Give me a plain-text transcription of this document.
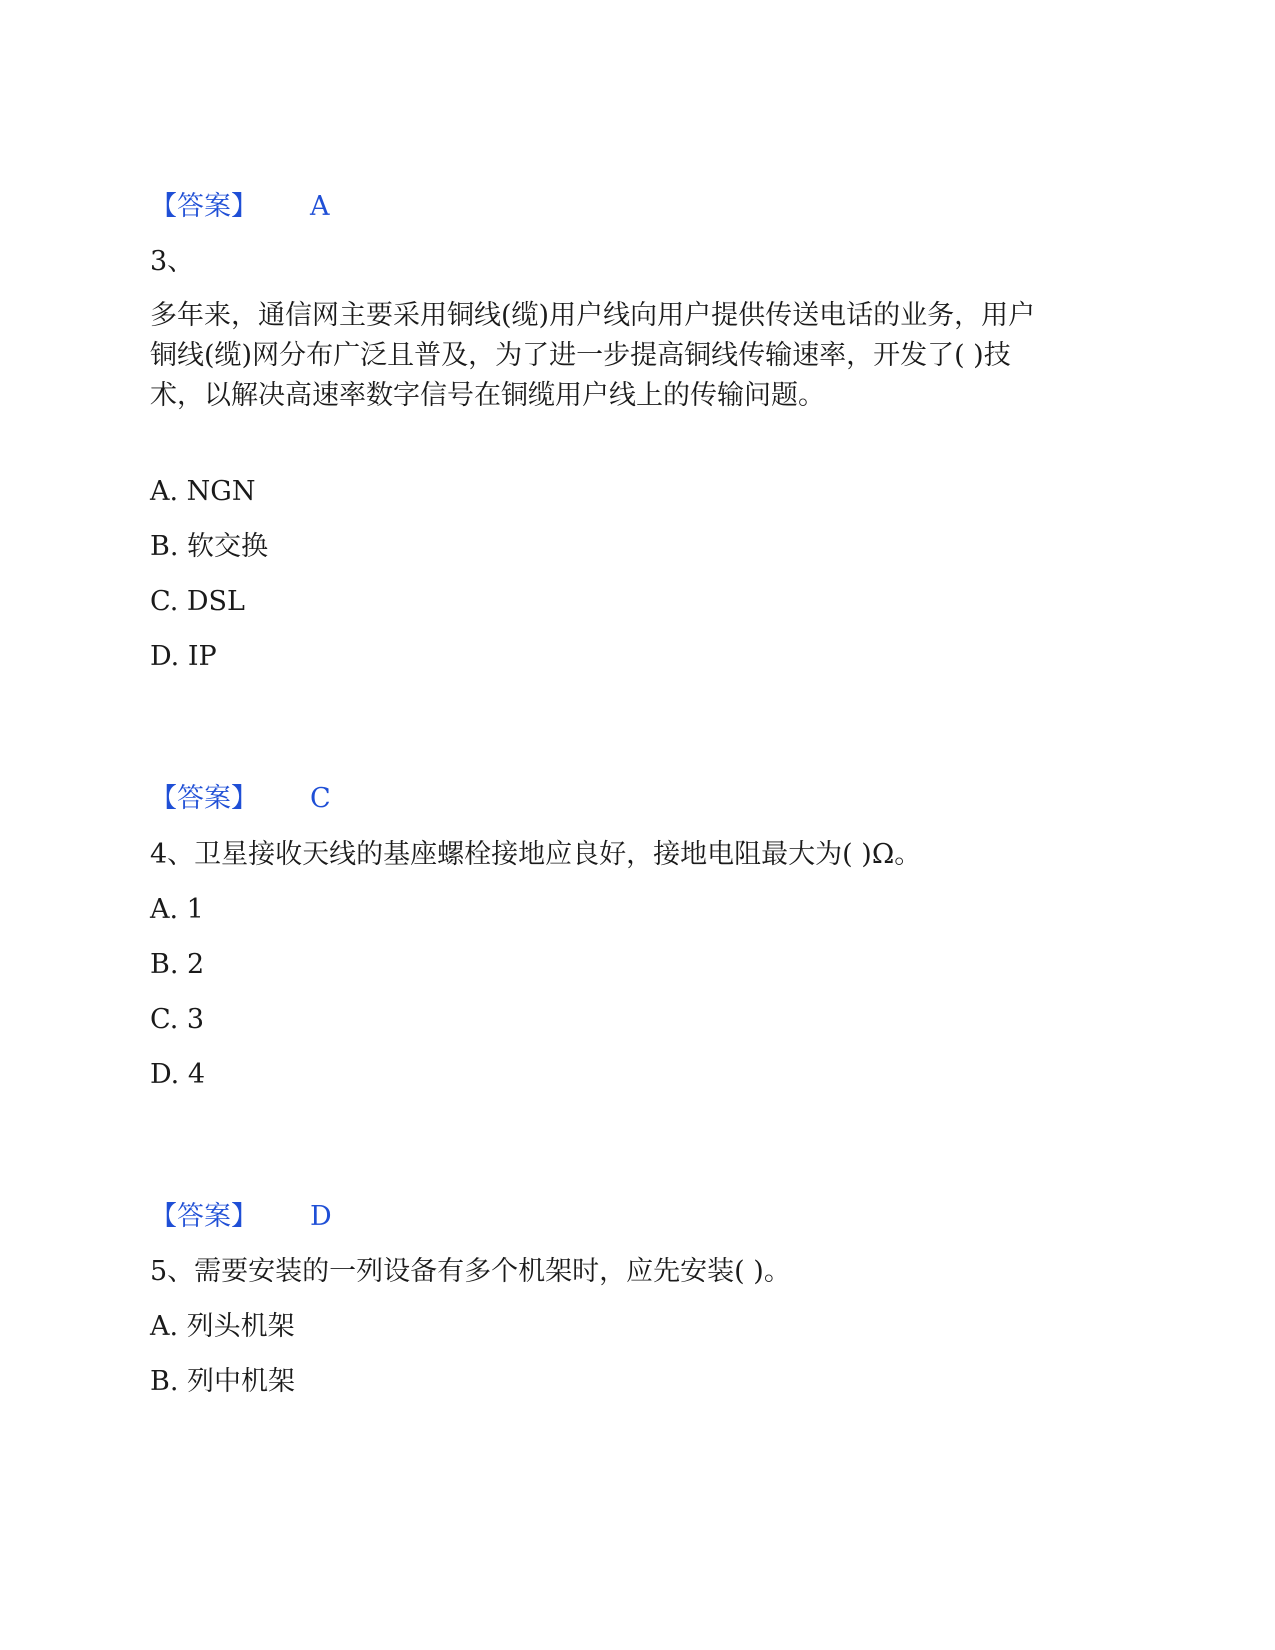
【答案】 A
3、
多年来，通信网主要采用铜线(缆)用户线向用户提供传送电话的业务，用户
铜线(缆)网分布广泛且普及，为了进一步提高铜线传输速率，开发了( )技
术，以解决高速率数字信号在铜缆用户线上的传输问题。
A. NGN
B. 软交换
C. DSL
D. IP
【答案】 C
4、卫星接收天线的基座螺栓接地应良好，接地电阻最大为( )Ω。
A. 1
B. 2
C. 3
D. 4
【答案】 D
5、需要安装的一列设备有多个机架时，应先安装( )。
A. 列头机架
B. 列中机架
